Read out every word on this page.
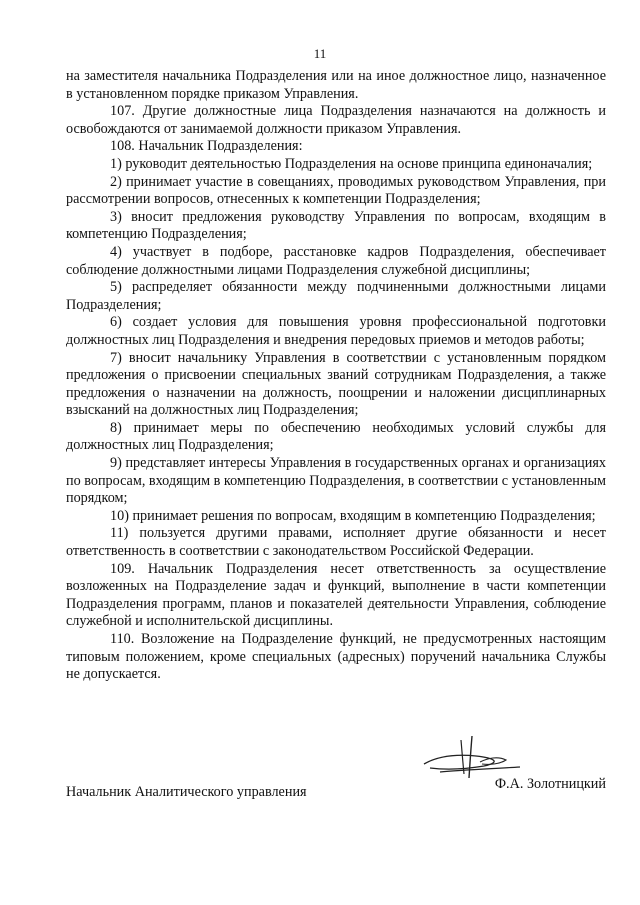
11

на заместителя начальника Подразделения или на иное должностное лицо, назначенное в установленном порядке приказом Управления.

107. Другие должностные лица Подразделения назначаются на должность и освобождаются от занимаемой должности приказом Управления.

108. Начальник Подразделения:

1) руководит деятельностью Подразделения на основе принципа единоначалия;

2) принимает участие в совещаниях, проводимых руководством Управления, при рассмотрении вопросов, отнесенных к компетенции Подразделения;

3) вносит предложения руководству Управления по вопросам, входящим в компетенцию Подразделения;

4) участвует в подборе, расстановке кадров Подразделения, обеспечивает соблюдение должностными лицами Подразделения служебной дисциплины;

5) распределяет обязанности между подчиненными должностными лицами Подразделения;

6) создает условия для повышения уровня профессиональной подготовки должностных лиц Подразделения и внедрения передовых приемов и методов работы;

7) вносит начальнику Управления в соответствии с установленным порядком предложения о присвоении специальных званий сотрудникам Подразделения, а также предложения о назначении на должность, поощрении и наложении дисциплинарных взысканий на должностных лиц Подразделения;

8) принимает меры по обеспечению необходимых условий службы для должностных лиц Подразделения;

9) представляет интересы Управления в государственных органах и организациях по вопросам, входящим в компетенцию Подразделения, в соответствии с установленным порядком;

10) принимает решения по вопросам, входящим в компетенцию Подразделения;

11) пользуется другими правами, исполняет другие обязанности и несет ответственность в соответствии с законодательством Российской Федерации.

109. Начальник Подразделения несет ответственность за осуществление возложенных на Подразделение задач и функций, выполнение в части компетенции Подразделения программ, планов и показателей деятельности Управления, соблюдение служебной и исполнительской дисциплины.

110. Возложение на Подразделение функций, не предусмотренных настоящим типовым положением, кроме специальных (адресных) поручений начальника Службы не допускается.

Начальник Аналитического управления	Ф.А. Золотницкий
